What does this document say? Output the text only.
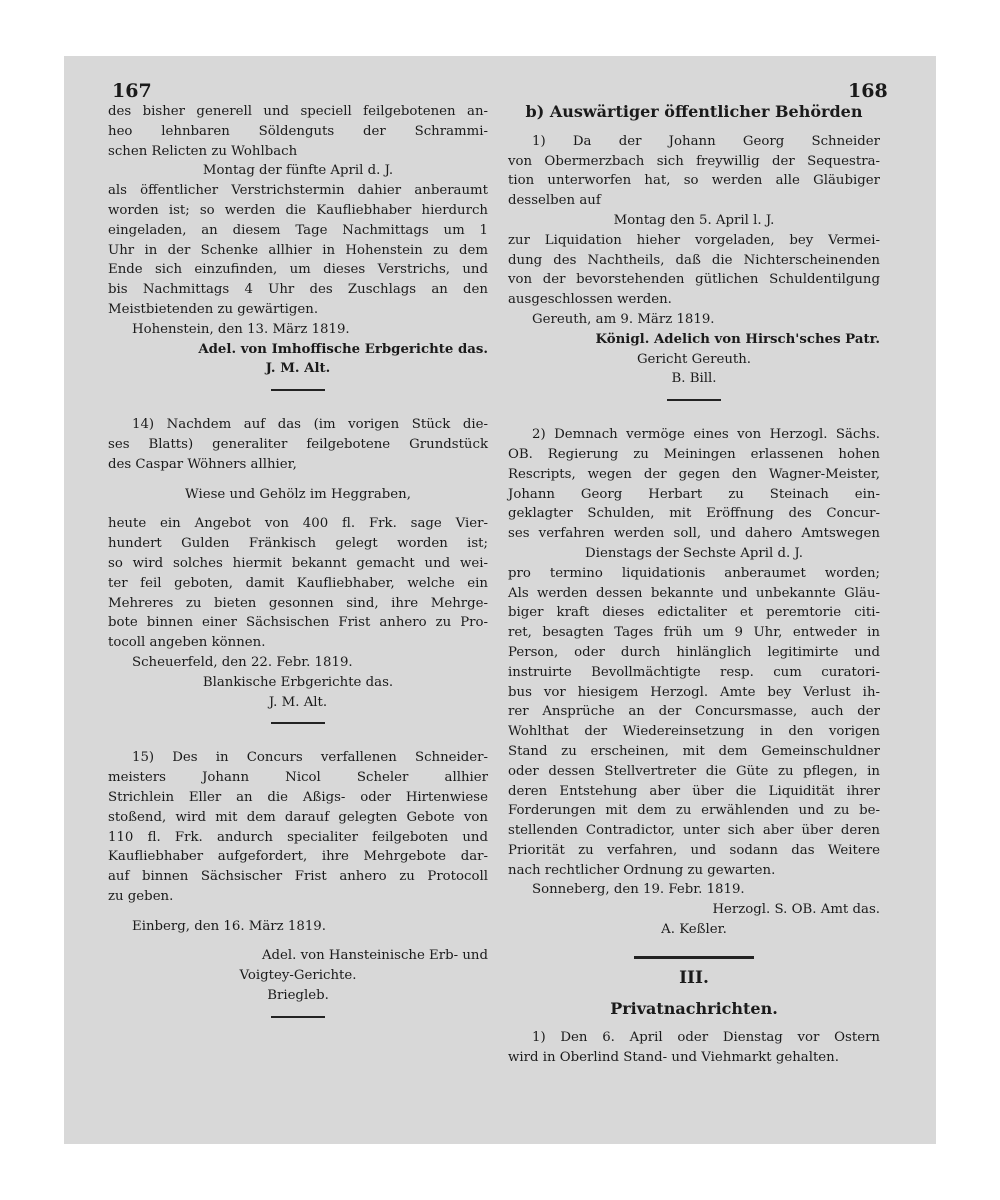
167	168

des bisher generell und speciell feilgebotenen an-

heo lehnbaren Söldenguts der Schrammi-

schen Relicten zu Wohlbach

Montag der fünfte April d. J.

als öffentlicher Verstrichstermin dahier anberaumt

worden ist; so werden die Kaufliebhaber hierdurch

eingeladen, an diesem Tage Nachmittags um 1

Uhr in der Schenke allhier in Hohenstein zu dem

Ende sich einzufinden, um dieses Verstrichs, und

bis Nachmittags 4 Uhr des Zuschlags an den

Meistbietenden zu gewärtigen.

Hohenstein, den 13. März 1819.

Adel. von Imhoffische Erbgerichte das.

J. M. Alt.

14) Nachdem auf das (im vorigen Stück die-

ses Blatts) generaliter feilgebotene Grundstück

des Caspar Wöhners allhier,

Wiese und Gehölz im Heggraben,

heute ein Angebot von 400 fl. Frk. sage Vier-

hundert Gulden Fränkisch gelegt worden ist;

so wird solches hiermit bekannt gemacht und wei-

ter feil geboten, damit Kaufliebhaber, welche ein

Mehreres zu bieten gesonnen sind, ihre Mehrge-

bote binnen einer Sächsischen Frist anhero zu Pro-

tocoll angeben können.

Scheuerfeld, den 22. Febr. 1819.

Blankische Erbgerichte das.

J. M. Alt.

15) Des in Concurs verfallenen Schneider-

meisters Johann Nicol Scheler allhier

Strichlein Eller an die Aßigs- oder Hirtenwiese

stoßend, wird mit dem darauf gelegten Gebote von

110 fl. Frk. andurch specialiter feilgeboten und

Kaufliebhaber aufgefordert, ihre Mehrgebote dar-

auf binnen Sächsischer Frist anhero zu Protocoll

zu geben.

Einberg, den 16. März 1819.

Adel. von Hansteinische Erb- und

Voigtey-Gerichte.

Briegleb.

b) Auswärtiger öffentlicher Behörden

1) Da der Johann Georg Schneider

von Obermerzbach sich freywillig der Sequestra-

tion unterworfen hat, so werden alle Gläubiger

desselben auf

Montag den 5. April l. J.

zur Liquidation hieher vorgeladen, bey Vermei-

dung des Nachtheils, daß die Nichterscheinenden

von der bevorstehenden gütlichen Schuldentilgung

ausgeschlossen werden.

Gereuth, am 9. März 1819.

Königl. Adelich von Hirsch'sches Patr.

Gericht Gereuth.

B. Bill.

2) Demnach vermöge eines von Herzogl. Sächs.

OB. Regierung zu Meiningen erlassenen hohen

Rescripts, wegen der gegen den Wagner-Meister,

Johann Georg Herbart zu Steinach ein-

geklagter Schulden, mit Eröffnung des Concur-

ses verfahren werden soll, und dahero Amtswegen

Dienstags der Sechste April d. J.

pro termino liquidationis anberaumet worden;

Als werden dessen bekannte und unbekannte Gläu-

biger kraft dieses edictaliter et peremtorie citi-

ret, besagten Tages früh um 9 Uhr, entweder in

Person, oder durch hinlänglich legitimirte und

instruirte Bevollmächtigte resp. cum curatori-

bus vor hiesigem Herzogl. Amte bey Verlust ih-

rer Ansprüche an der Concursmasse, auch der

Wohlthat der Wiedereinsetzung in den vorigen

Stand zu erscheinen, mit dem Gemeinschuldner

oder dessen Stellvertreter die Güte zu pflegen, in

deren Entstehung aber über die Liquidität ihrer

Forderungen mit dem zu erwählenden und zu be-

stellenden Contradictor, unter sich aber über deren

Priorität zu verfahren, und sodann das Weitere

nach rechtlicher Ordnung zu gewarten.

Sonneberg, den 19. Febr. 1819.

Herzogl. S. OB. Amt das.

A. Keßler.

III.

Privatnachrichten.

1) Den 6. April oder Dienstag vor Ostern

wird in Oberlind Stand- und Viehmarkt gehalten.
